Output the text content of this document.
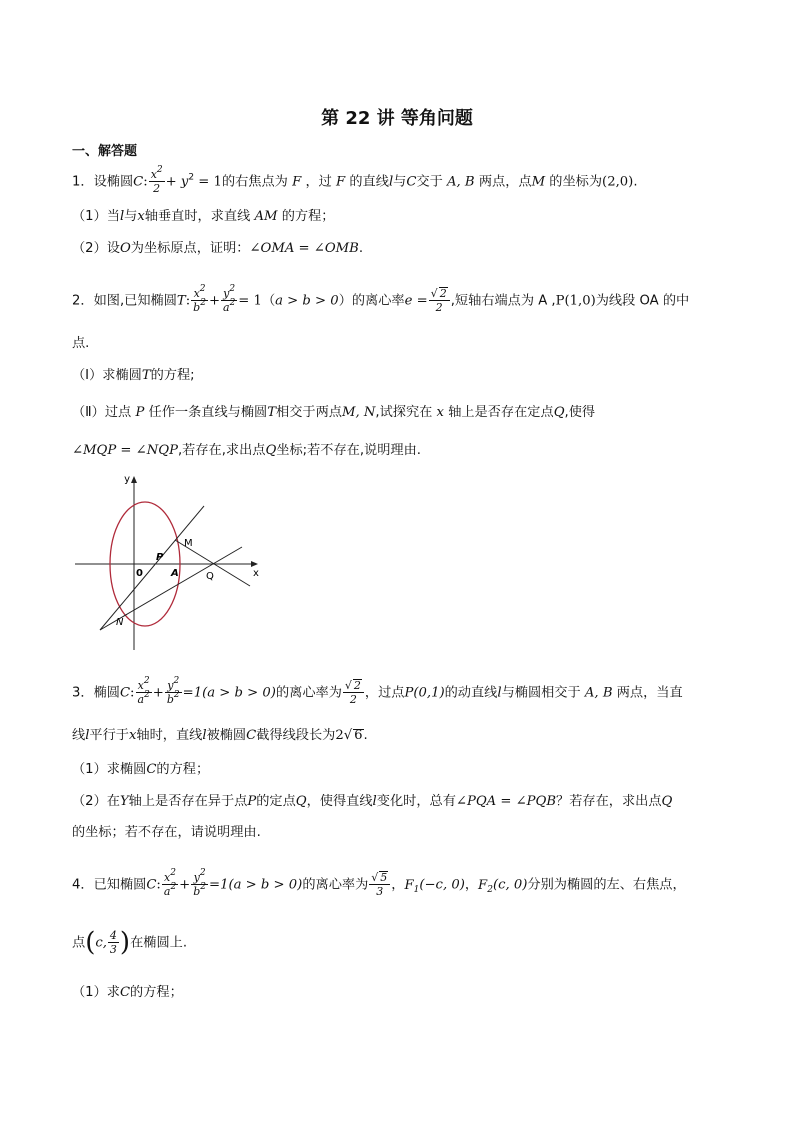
第 22 讲 等角问题
一、解答题
1．设椭圆C: $\frac{x^2}{2} + y^2 = 1$的右焦点为 F ，过 F 的直线l与C交于 A, B 两点，点M 的坐标为(2,0).
（1）当l与x轴垂直时，求直线 AM 的方程；
（2）设O为坐标原点，证明：∠OMA = ∠OMB.
2．如图,已知椭圆T: $\frac{x^2}{b^2} + \frac{y^2}{a^2} = 1(a > b > 0)$的离心率$e = \frac{√ 2}{2}$ ,短轴右端点为 A ,P(1,0)为线段 OA 的中
点.
（Ⅰ）求椭圆T的方程;
（Ⅱ）过点 P 任作一条直线与椭圆T相交于两点M, N,试探究在 x 轴上是否存在定点Q,使得
∠MQP = ∠NQP,若存在,求出点Q坐标;若不存在,说明理由.
y
x
M
P
0	A	Q
N
3．椭圆C: $\frac{x^2}{a^2} + \frac{y^2}{b^2} =1(a > b > 0)$的离心率为 $\frac{√ 2}{2}$ ，过点P(0,1)的动直线l与椭圆相交于 A, B 两点，当直
线l平行于x轴时，直线l被椭圆C截得线段长为2√ 6.
（1）求椭圆C的方程；
（2）在Y轴上是否存在异于点P的定点Q，使得直线l变化时，总有∠PQA = ∠PQB？若存在，求出点Q
的坐标；若不存在，请说明理由.
4．已知椭圆C: $\frac{x^2}{a^2} + \frac{y^2}{b^2} =1(a > b > 0)$的离心率为 $\frac{√ 5}{3}$ ，$F_1(-c$, 0)，$F_2(c$, 0)分别为椭圆的左、右焦点，
点(c, $\frac{4}{3}$ )在椭圆上.
（1）求C的方程；
